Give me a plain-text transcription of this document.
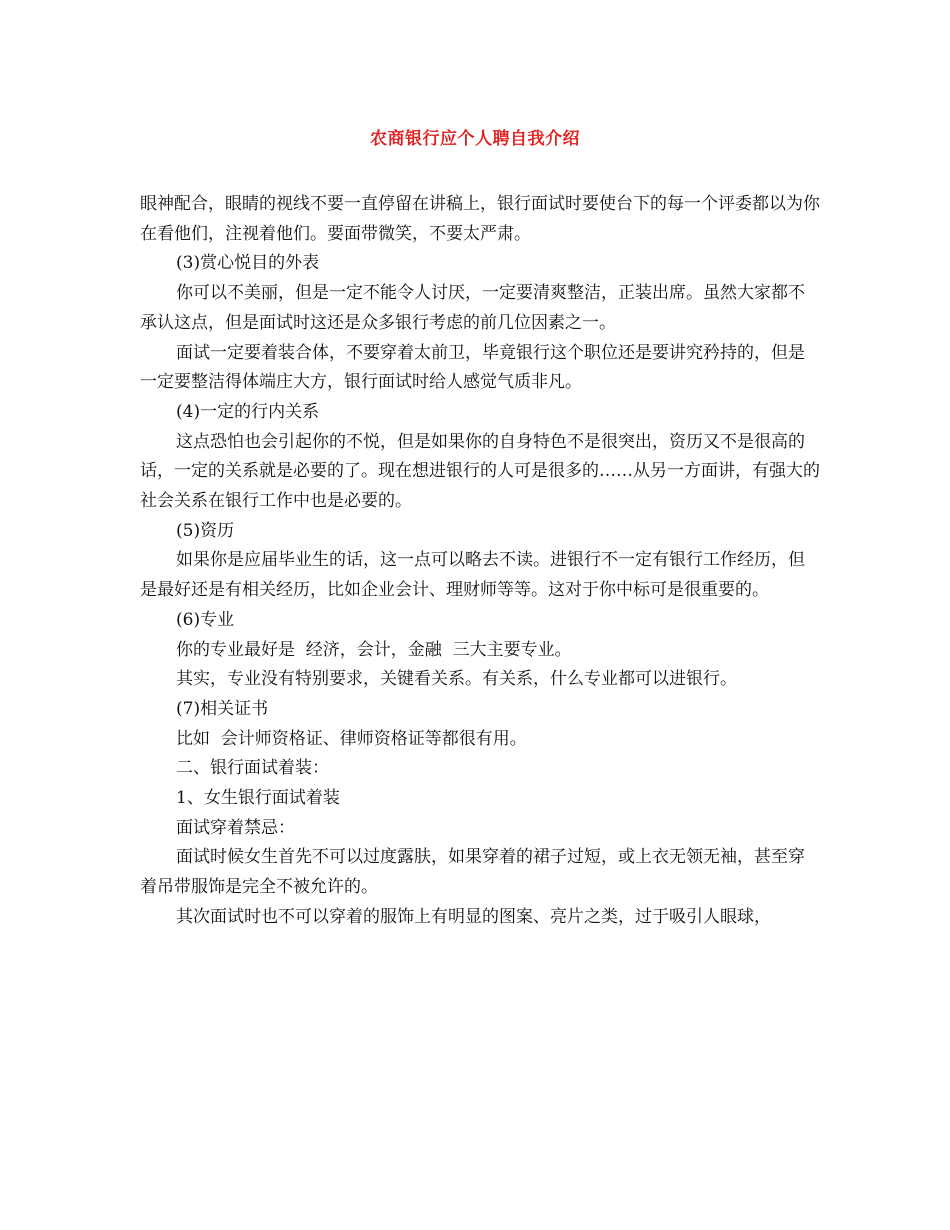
农商银行应个人聘自我介绍

眼神配合，眼睛的视线不要一直停留在讲稿上，银行面试时要使台下的每一个评委都以为你在看他们，注视着他们。要面带微笑，不要太严肃。

(3)赏心悦目的外表

你可以不美丽，但是一定不能令人讨厌，一定要清爽整洁，正装出席。虽然大家都不承认这点，但是面试时这还是众多银行考虑的前几位因素之一。

面试一定要着装合体，不要穿着太前卫，毕竟银行这个职位还是要讲究矜持的，但是一定要整洁得体端庄大方，银行面试时给人感觉气质非凡。

(4)一定的行内关系

这点恐怕也会引起你的不悦，但是如果你的自身特色不是很突出，资历又不是很高的话，一定的关系就是必要的了。现在想进银行的人可是很多的……从另一方面讲，有强大的社会关系在银行工作中也是必要的。

(5)资历

如果你是应届毕业生的话，这一点可以略去不读。进银行不一定有银行工作经历，但是最好还是有相关经历，比如企业会计、理财师等等。这对于你中标可是很重要的。

(6)专业

你的专业最好是  经济，会计，金融  三大主要专业。

其实，专业没有特别要求，关键看关系。有关系，什么专业都可以进银行。

(7)相关证书

比如  会计师资格证、律师资格证等都很有用。

二、银行面试着装：

1、女生银行面试着装

面试穿着禁忌：

面试时候女生首先不可以过度露肤，如果穿着的裙子过短，或上衣无领无袖，甚至穿着吊带服饰是完全不被允许的。

其次面试时也不可以穿着的服饰上有明显的图案、亮片之类，过于吸引人眼球，
